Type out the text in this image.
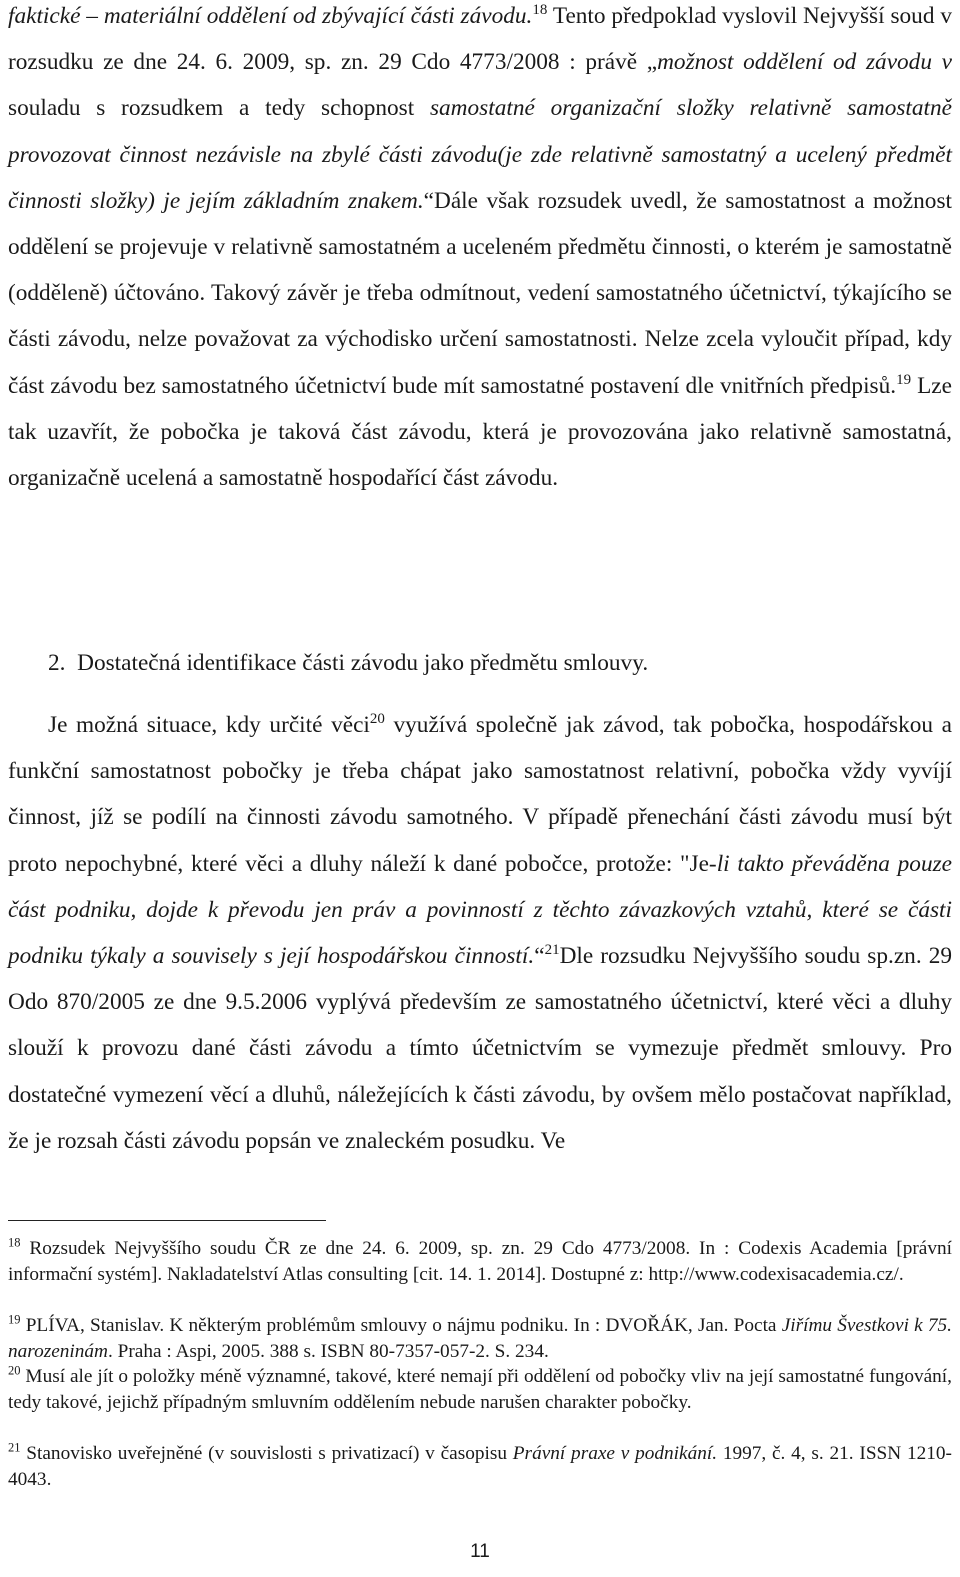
faktické – materiální oddělení od zbývající části závodu.$^{18}$ Tento předpoklad vyslovil Nejvyšší soud v rozsudku ze dne 24. 6. 2009, sp. zn. 29 Cdo 4773/2008 : právě „možnost oddělení od závodu v souladu s rozsudkem a tedy schopnost samostatné organizační složky relativně samostatně provozovat činnost nezávisle na zbylé části závodu(je zde relativně samostatný a ucelený předmět činnosti složky) je jejím základním znakem.“Dále však rozsudek uvedl, že samostatnost a možnost oddělení se projevuje v relativně samostatném a uceleném předmětu činnosti, o kterém je samostatně (odděleně) účtováno. Takový závěr je třeba odmítnout, vedení samostatného účetnictví, týkajícího se části závodu, nelze považovat za východisko určení samostatnosti. Nelze zcela vyloučit případ, kdy část závodu bez samostatného účetnictví bude mít samostatné postavení dle vnitřních předpisů.$^{19}$ Lze tak uzavřít, že pobočka je taková část závodu, která je provozována jako relativně samostatná, organizačně ucelená a samostatně hospodařící část závodu.

2. Dostatečná identifikace části závodu jako předmětu smlouvy.

Je možná situace, kdy určité věci$^{20}$ využívá společně jak závod, tak pobočka, hospodářskou a funkční samostatnost pobočky je třeba chápat jako samostatnost relativní, pobočka vždy vyvíjí činnost, jíž se podílí na činnosti závodu samotného. V případě přenechání části závodu musí být proto nepochybné, které věci a dluhy náleží k dané pobočce, protože: "Je-li takto převáděna pouze část podniku, dojde k převodu jen práv a povinností z těchto závazkových vztahů, které se části podniku týkaly a souvisely s její hospodářskou činností.“$^{21}$Dle rozsudku Nejvyššího soudu sp.zn. 29 Odo 870/2005 ze dne 9.5.2006 vyplývá především ze samostatného účetnictví, které věci a dluhy slouží k provozu dané části závodu a tímto účetnictvím se vymezuje předmět smlouvy. Pro dostatečné vymezení věcí a dluhů, náležejících k části závodu, by ovšem mělo postačovat například, že je rozsah části závodu popsán ve znaleckém posudku. Ve

$^{18}$ Rozsudek Nejvyššího soudu ČR ze dne 24. 6. 2009, sp. zn. 29 Cdo 4773/2008. In : Codexis Academia [právní informační systém]. Nakladatelství Atlas consulting [cit. 14. 1. 2014]. Dostupné z: http://www.codexisacademia.cz/.

$^{19}$ PLÍVA, Stanislav. K některým problémům smlouvy o nájmu podniku. In : DVOŘÁK, Jan. Pocta Jiřímu Švestkovi k 75. narozeninám. Praha : Aspi, 2005. 388 s. ISBN 80-7357-057-2. S. 234.

$^{20}$ Musí ale jít o položky méně významné, takové, které nemají při oddělení od pobočky vliv na její samostatné fungování, tedy takové, jejichž případným smluvním oddělením nebude narušen charakter pobočky.

$^{21}$ Stanovisko uveřejněné (v souvislosti s privatizací) v časopisu Právní praxe v podnikání. 1997, č. 4, s. 21. ISSN 1210-4043.

11
